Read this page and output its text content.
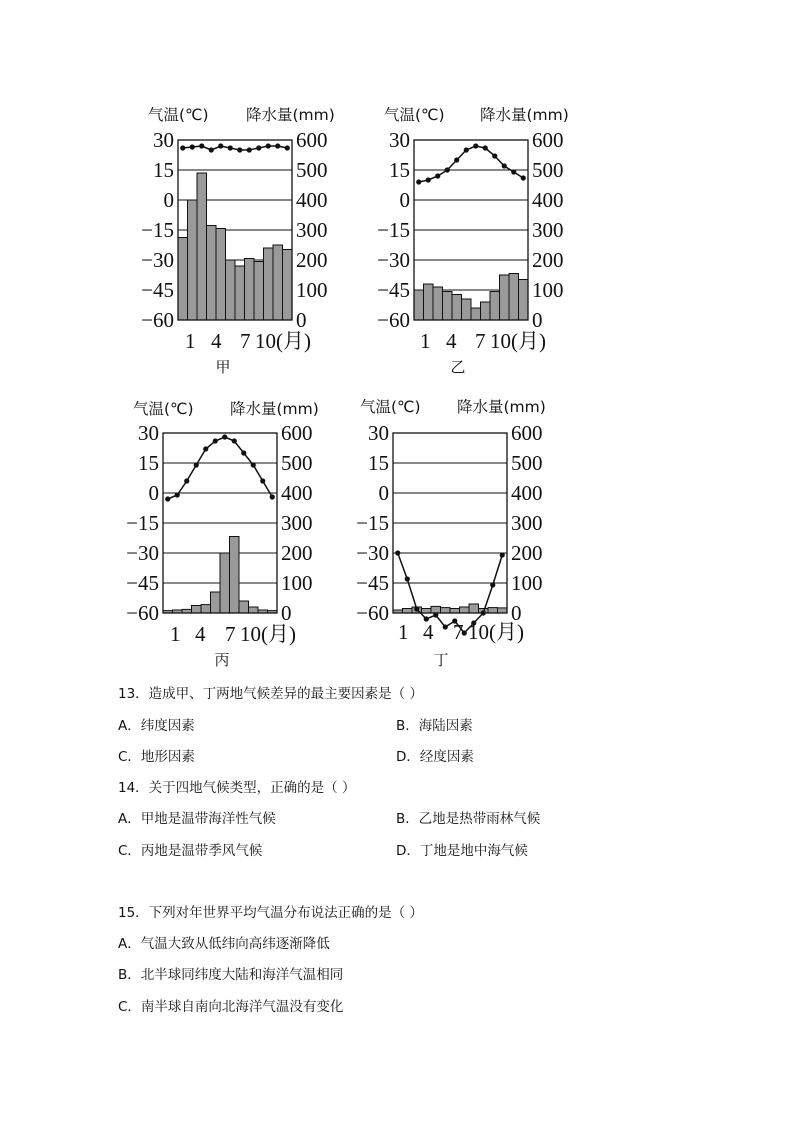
气温(℃) 降水量(mm)
30
15
0
−15
−30
−45
−60
600
500
400
300
200
100
0
1 4 7 10(月)
甲
气温(℃) 降水量(mm)
30
15
0
−15
−30
−45
−60
600
500
400
300
200
100
0
1 4 7 10(月)
乙
气温(℃) 降水量(mm)
30
15
0
−15
−30
−45
−60
600
500
400
300
200
100
0
1 4 7 10(月)
丙
气温(℃) 降水量(mm)
30
15
0
−15
−30
−45
−60
600
500
400
300
200
100
0
1 4 7 10(月)
丁
13．造成甲、丁两地气候差异的最主要因素是（ ）
A．纬度因素	B．海陆因素
C．地形因素	D．经度因素
14．关于四地气候类型，正确的是（ ）
A．甲地是温带海洋性气候	B．乙地是热带雨林气候
C．丙地是温带季风气候	D．丁地是地中海气候
15．下列对年世界平均气温分布说法正确的是（ ）
A．气温大致从低纬向高纬逐渐降低
B．北半球同纬度大陆和海洋气温相同
C．南半球自南向北海洋气温没有变化
